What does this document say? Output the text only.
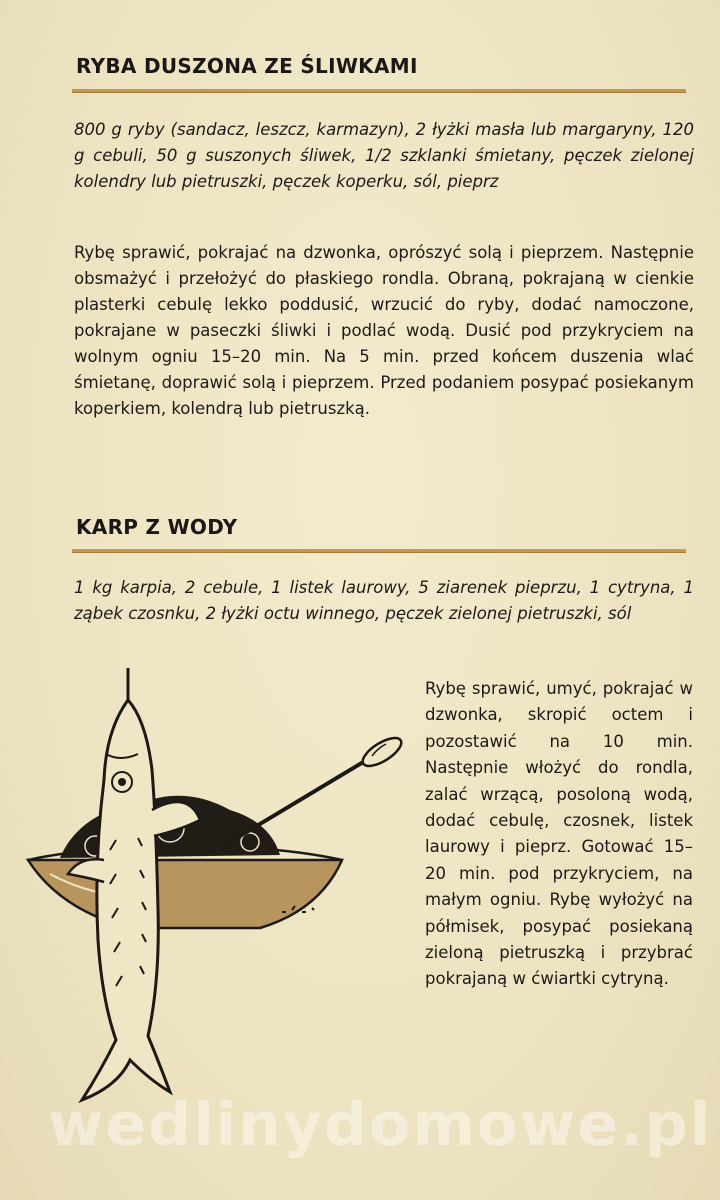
RYBA DUSZONA ZE ŚLIWKAMI
800 g ryby (sandacz, leszcz, karmazyn), 2 łyżki masła lub margaryny, 120 g cebuli, 50 g suszonych śliwek, 1/2 szklanki śmietany, pęczek zielonej kolendry lub pietruszki, pęczek koperku, sól, pieprz
Rybę sprawić, pokrajać na dzwonka, oprószyć solą i pieprzem. Następnie obsmażyć i przełożyć do płaskiego rondla. Obraną, pokrajaną w cienkie plasterki cebulę lekko poddusić, wrzucić do ryby, dodać namoczone, pokrajane w paseczki śliwki i podlać wodą. Dusić pod przykryciem na wolnym ogniu 15–20 min. Na 5 min. przed końcem duszenia wlać śmietanę, doprawić solą i pieprzem. Przed podaniem posypać posiekanym koperkiem, kolendrą lub pietruszką.
KARP Z WODY
1 kg karpia, 2 cebule, 1 listek laurowy, 5 ziarenek pieprzu, 1 cytryna, 1 ząbek czosnku, 2 łyżki octu winnego, pęczek zielonej pietruszki, sól
Rybę sprawić, umyć, pokrajać w dzwonka, skropić octem i pozostawić na 10 min. Następnie włożyć do rondla, zalać wrzącą, posoloną wodą, dodać cebulę, czosnek, listek laurowy i pieprz. Gotować 15–20 min. pod przykryciem, na małym ogniu. Rybę wyłożyć na półmisek, posypać posiekaną zieloną pietruszką i przybrać pokrajaną w ćwiartki cytryną.
wedlinydomowe.pl
